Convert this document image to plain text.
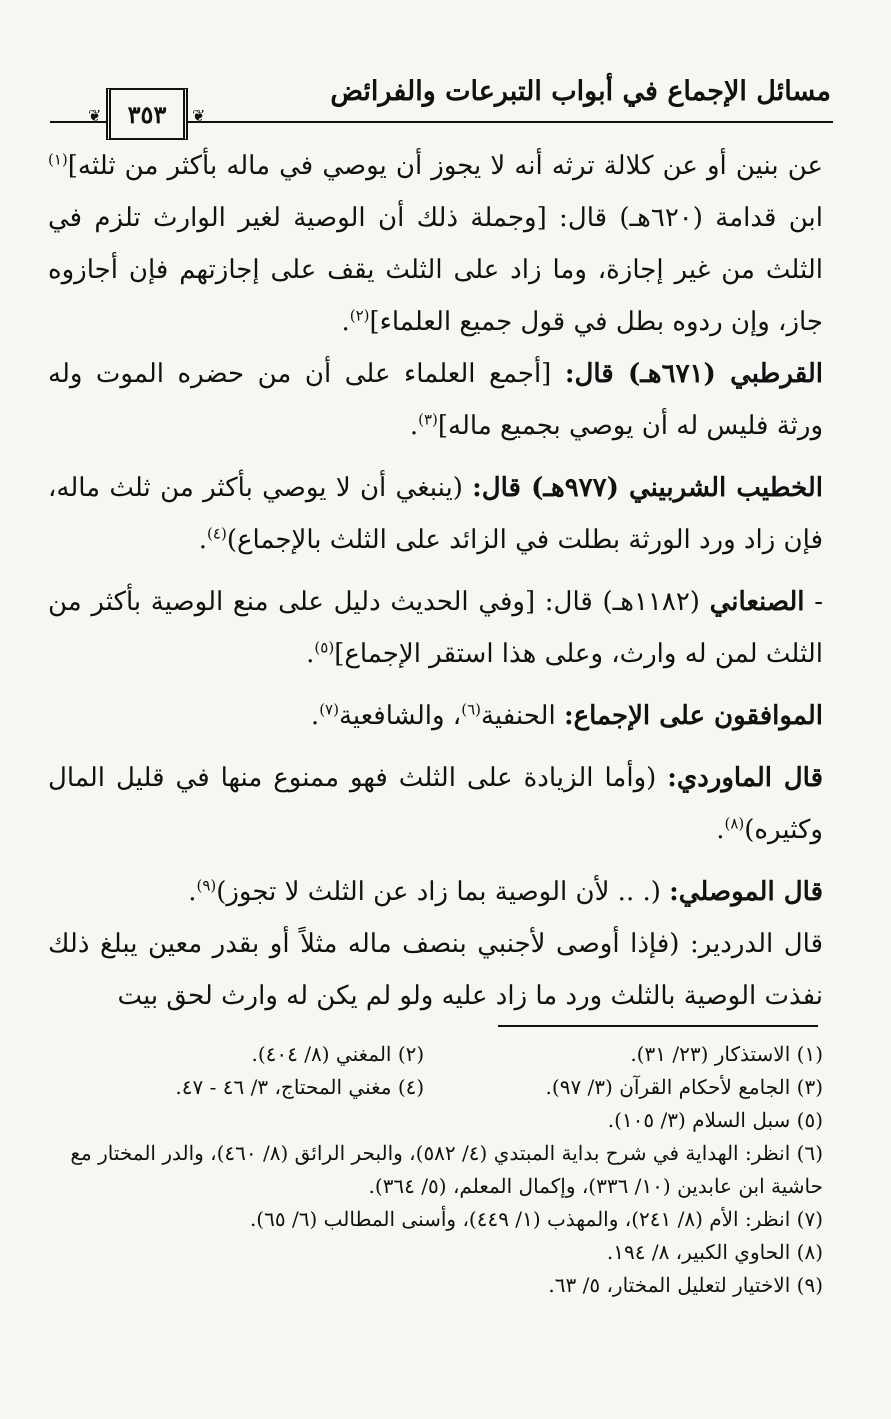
مسائل الإجماع في أبواب التبرعات والفرائض
❦ ٣٥٣ ❦

عن بنين أو عن كلالة ترثه أنه لا يجوز أن يوصي في ماله بأكثر من ثلثه]$^{(١)}$ ابن قدامة (٦٢٠هـ) قال: [وجملة ذلك أن الوصية لغير الوارث تلزم في الثلث من غير إجازة، وما زاد على الثلث يقف على إجازتهم فإن أجازوه جاز، وإن ردوه بطل في قول جميع العلماء]$^{(٢)}$.

القرطبي (٦٧١هـ) قال: [أجمع العلماء على أن من حضره الموت وله ورثة فليس له أن يوصي بجميع ماله]$^{(٣)}$.

الخطيب الشربيني (٩٧٧هـ) قال: (ينبغي أن لا يوصي بأكثر من ثلث ماله، فإن زاد ورد الورثة بطلت في الزائد على الثلث بالإجماع)$^{(٤)}$.

- الصنعاني (١١٨٢هـ) قال: [وفي الحديث دليل على منع الوصية بأكثر من الثلث لمن له وارث، وعلى هذا استقر الإجماع]$^{(٥)}$.

الموافقون على الإجماع: الحنفية$^{(٦)}$، والشافعية$^{(٧)}$.

قال الماوردي: (وأما الزيادة على الثلث فهو ممنوع منها في قليل المال وكثيره)$^{(٨)}$.

قال الموصلي: (. .. لأن الوصية بما زاد عن الثلث لا تجوز)$^{(٩)}$.

قال الدردير: (فإذا أوصى لأجنبي بنصف ماله مثلاً أو بقدر معين يبلغ ذلك نفذت الوصية بالثلث ورد ما زاد عليه ولو لم يكن له وارث لحق بيت

(١) الاستذكار (٢٣/ ٣١).
(٢) المغني (٨/ ٤٠٤).
(٣) الجامع لأحكام القرآن (٣/ ٩٧).
(٤) مغني المحتاج، ٣/ ٤٦ - ٤٧.
(٥) سبل السلام (٣/ ١٠٥).
(٦) انظر: الهداية في شرح بداية المبتدي (٤/ ٥٨٢)، والبحر الرائق (٨/ ٤٦٠)، والدر المختار مع حاشية ابن عابدين (١٠/ ٣٣٦)، وإكمال المعلم، (٥/ ٣٦٤).
(٧) انظر: الأم (٨/ ٢٤١)، والمهذب (١/ ٤٤٩)، وأسنى المطالب (٦/ ٦٥).
(٨) الحاوي الكبير، ٨/ ١٩٤.
(٩) الاختيار لتعليل المختار، ٥/ ٦٣.
